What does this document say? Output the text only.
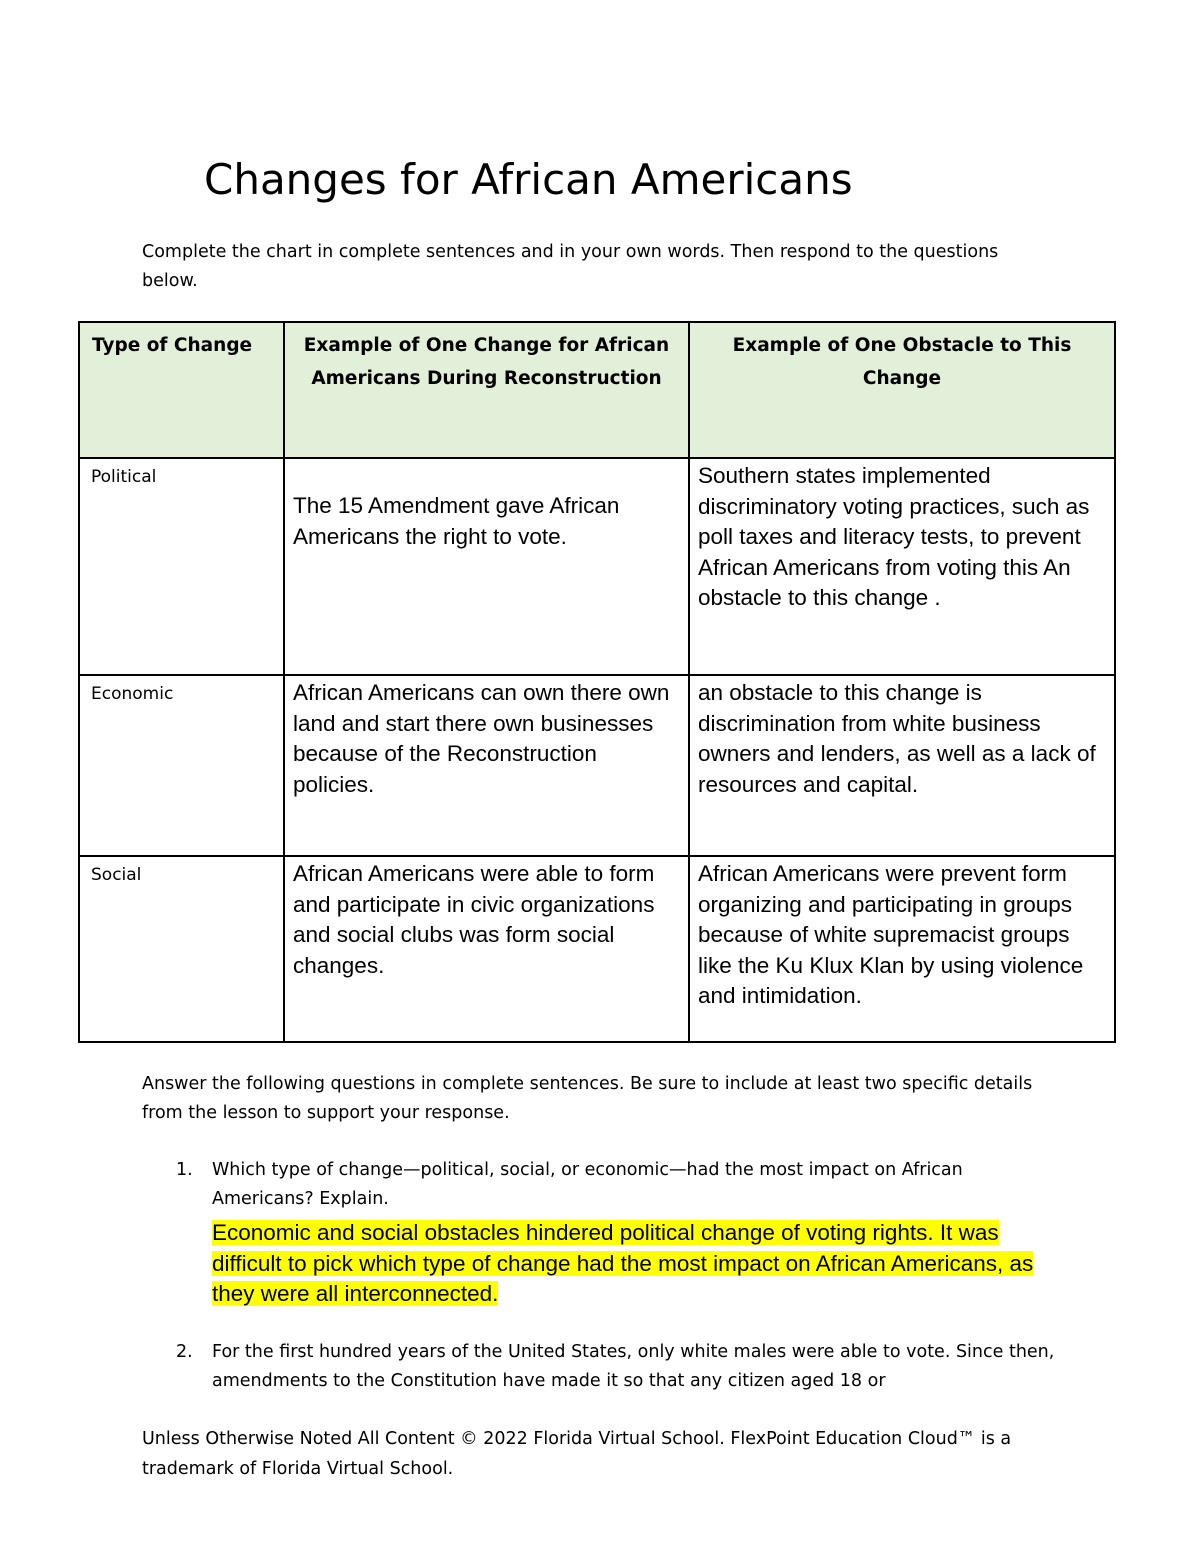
Changes for African Americans

Complete the chart in complete sentences and in your own words. Then respond to the questions below.

Type of Change	Example of One Change for African Americans During Reconstruction	Example of One Obstacle to This Change
Political	The 15 Amendment gave African Americans the right to vote.	Southern states implemented discriminatory voting practices, such as poll taxes and literacy tests, to prevent African Americans from voting this An obstacle to this change .
Economic	African Americans can own there own land and start there own businesses because of the Reconstruction policies.	an obstacle to this change is discrimination from white business owners and lenders, as well as a lack of resources and capital.
Social	African Americans were able to form and participate in civic organizations and social clubs was form social changes.	African Americans were prevent form organizing and participating in groups because of white supremacist groups like the Ku Klux Klan by using violence and intimidation.

Answer the following questions in complete sentences. Be sure to include at least two specific details from the lesson to support your response.

1. Which type of change—political, social, or economic—had the most impact on African Americans? Explain.
Economic and social obstacles hindered political change of voting rights. It was difficult to pick which type of change had the most impact on African Americans, as they were all interconnected.
2. For the first hundred years of the United States, only white males were able to vote. Since then, amendments to the Constitution have made it so that any citizen aged 18 or

Unless Otherwise Noted All Content © 2022 Florida Virtual School. FlexPoint Education Cloud™ is a trademark of Florida Virtual School.
